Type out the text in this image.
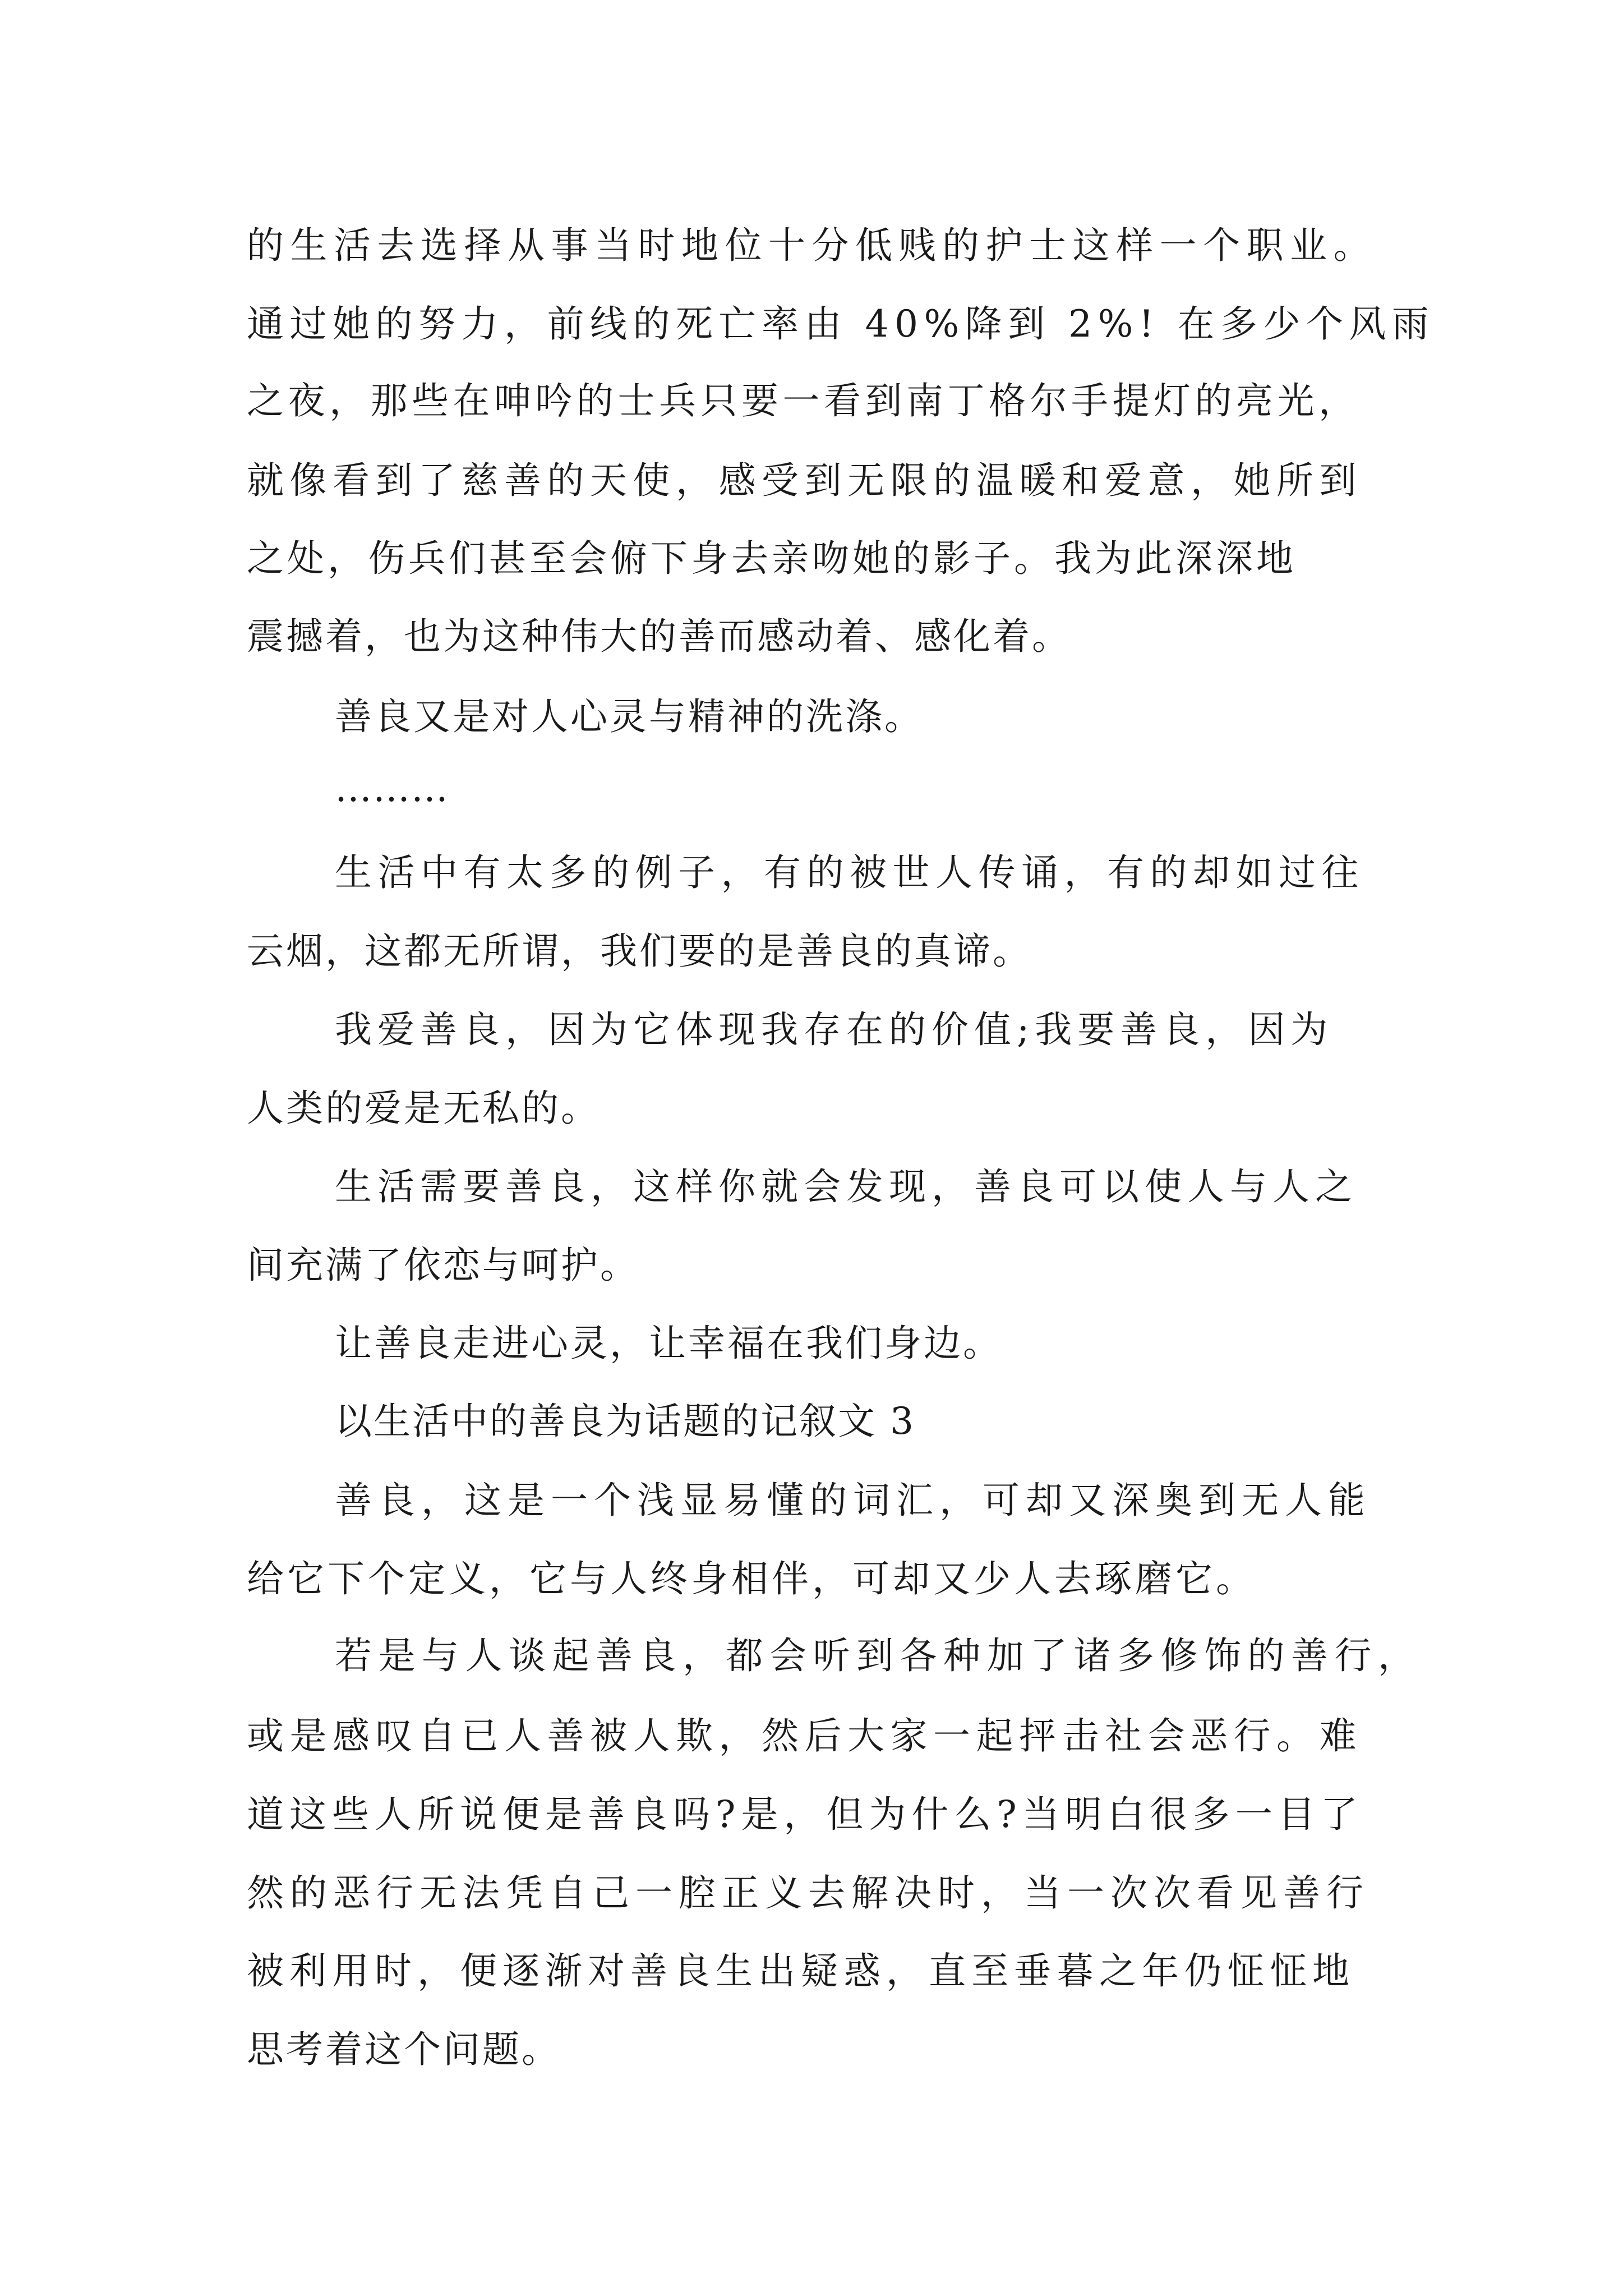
的生活去选择从事当时地位十分低贱的护士这样一个职业。
通过她的努力，前线的死亡率由 40%降到 2%! 在多少个风雨
之夜，那些在呻吟的士兵只要一看到南丁格尔手提灯的亮光，
就像看到了慈善的天使，感受到无限的温暖和爱意，她所到
之处，伤兵们甚至会俯下身去亲吻她的影子。我为此深深地
震撼着，也为这种伟大的善而感动着、感化着。
善良又是对人心灵与精神的洗涤。
………
生活中有太多的例子，有的被世人传诵，有的却如过往
云烟，这都无所谓，我们要的是善良的真谛。
我爱善良，因为它体现我存在的价值;我要善良，因为
人类的爱是无私的。
生活需要善良，这样你就会发现，善良可以使人与人之
间充满了依恋与呵护。
让善良走进心灵，让幸福在我们身边。
以生活中的善良为话题的记叙文 3
善良，这是一个浅显易懂的词汇，可却又深奥到无人能
给它下个定义，它与人终身相伴，可却又少人去琢磨它。
若是与人谈起善良，都会听到各种加了诸多修饰的善行，
或是感叹自已人善被人欺，然后大家一起抨击社会恶行。难
道这些人所说便是善良吗?是，但为什么?当明白很多一目了
然的恶行无法凭自己一腔正义去解决时，当一次次看见善行
被利用时，便逐渐对善良生出疑惑，直至垂暮之年仍怔怔地
思考着这个问题。
